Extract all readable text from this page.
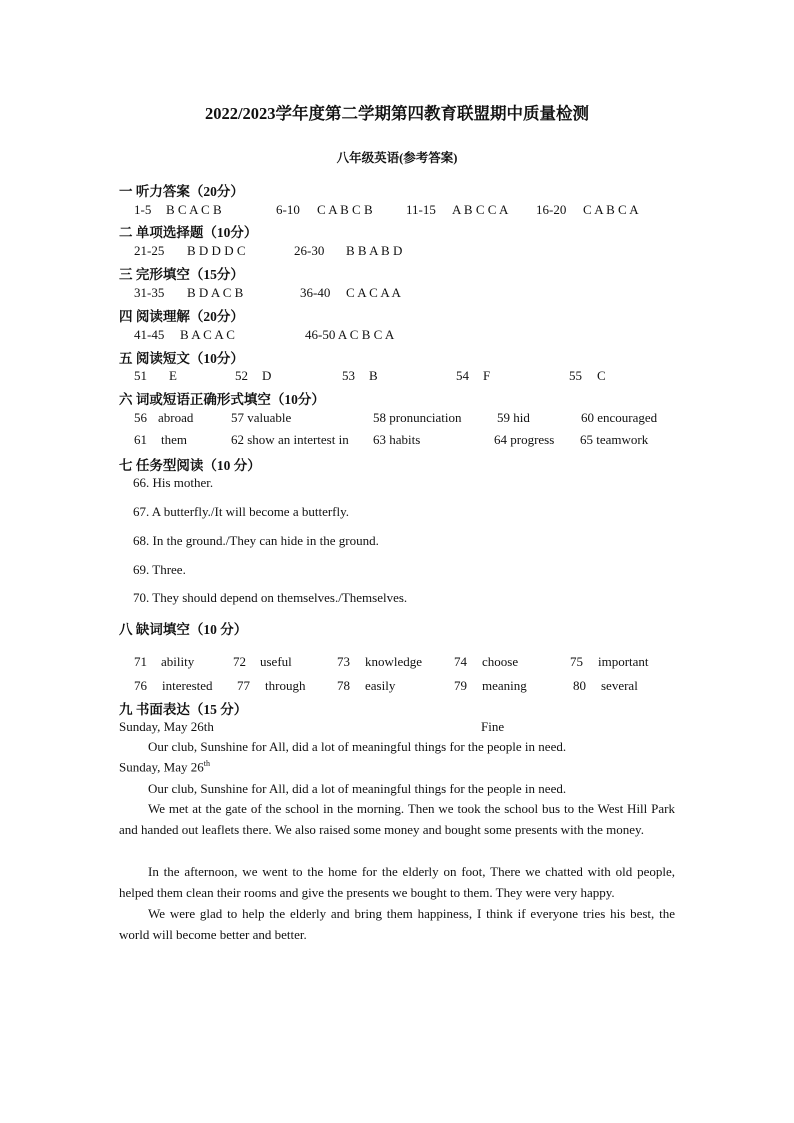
2022/2023学年度第二学期第四教育联盟期中质量检测
八年级英语(参考答案)
一 听力答案（20分）
1-5 B C A C B	6-10 C A B C B	11-15 A B C C A 16-20 C A B C A
二 单项选择题（10分）
21-25 B D D D C	26-30 B B A B D
三 完形填空（15分）
31-35 B D A C B	36-40 C A C A A
四 阅读理解（20分）
41-45 B A C A C	46-50 A C B C A
五 阅读短文（10分）
51 E	52 D	53 B	54 F	55 C
六 词或短语正确形式填空（10分）
56 abroad	57 valuable	58 pronunciation	59 hid	60 encouraged
61 them	62 show an intertest in 63 habits	64 progress 65 teamwork
七 任务型阅读（10 分）
66. His mother.
67. A butterfly./It will become a butterfly.
68. In the ground./They can hide in the ground.
69. Three.
70. They should depend on themselves./Themselves.
八 缺词填空（10 分）
71 ability	72 useful	73 knowledge 74 choose	75 important
76 interested 77 through 78 easily	79 meaning	80 several
九 书面表达（15 分）
Sunday, May 26th	Fine
Our club, Sunshine for All, did a lot of meaningful things for the people in need.
Sunday, May 26th
Our club, Sunshine for All, did a lot of meaningful things for the people in need.
We met at the gate of the school in the morning. Then we took the school bus to the West Hill Park and handed out leaflets there. We also raised some money and bought some presents with the money.
In the afternoon, we went to the home for the elderly on foot, There we chatted with old people, helped them clean their rooms and give the presents we bought to them. They were very happy.
We were glad to help the elderly and bring them happiness, I think if everyone tries his best, the world will become better and better.
